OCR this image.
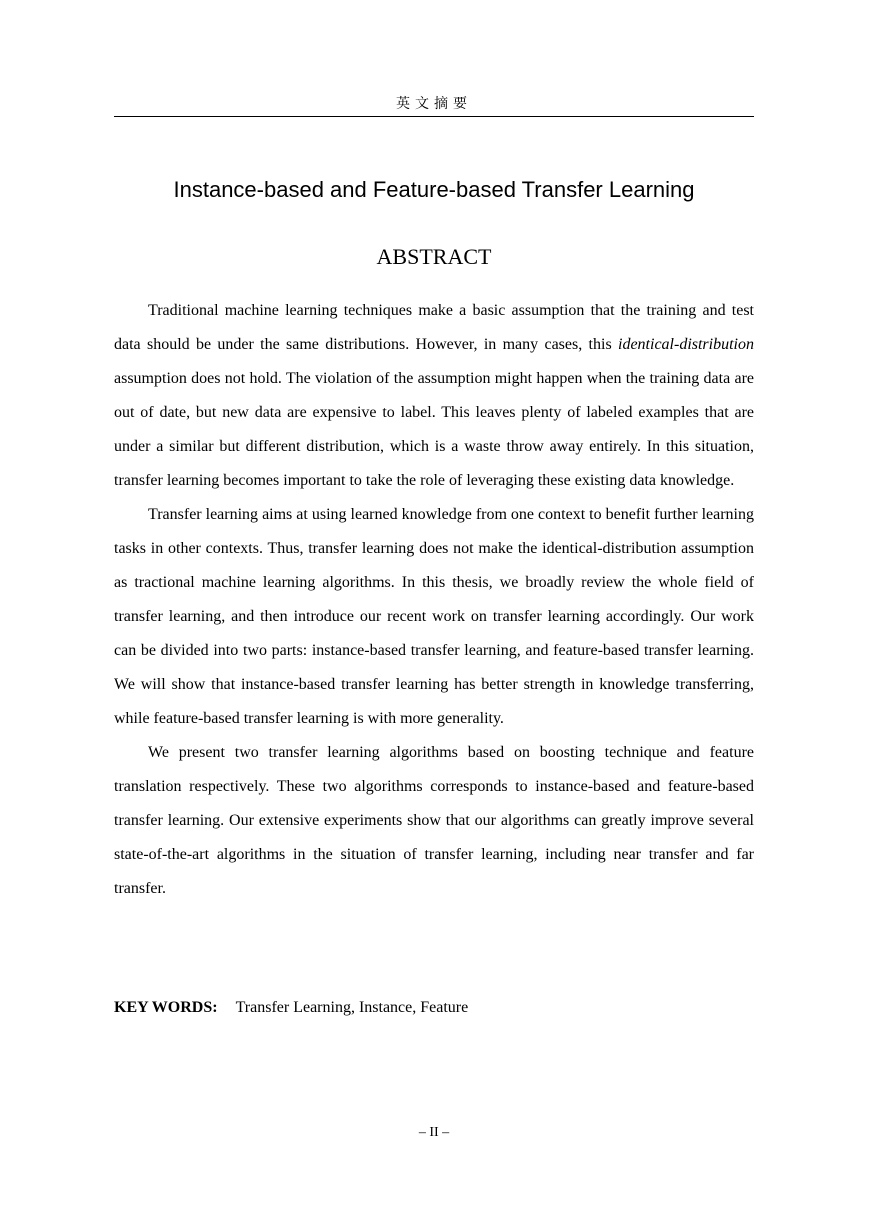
英文摘要
Instance-based and Feature-based Transfer Learning
ABSTRACT

Traditional machine learning techniques make a basic assumption that the training and test data should be under the same distributions. However, in many cases, this identical-distribution assumption does not hold. The violation of the assumption might happen when the training data are out of date, but new data are expensive to label. This leaves plenty of labeled examples that are under a similar but different distribution, which is a waste throw away entirely. In this situation, transfer learning becomes important to take the role of leveraging these existing data knowledge.

Transfer learning aims at using learned knowledge from one context to benefit further learning tasks in other contexts. Thus, transfer learning does not make the identical-distribution assumption as tractional machine learning algorithms. In this thesis, we broadly review the whole field of transfer learning, and then introduce our recent work on transfer learning accordingly. Our work can be divided into two parts: instance-based transfer learning, and feature-based transfer learning. We will show that instance-based transfer learning has better strength in knowledge transferring, while feature-based transfer learning is with more generality.

We present two transfer learning algorithms based on boosting technique and feature translation respectively. These two algorithms corresponds to instance-based and feature-based transfer learning. Our extensive experiments show that our algorithms can greatly improve several state-of-the-art algorithms in the situation of transfer learning, including near transfer and far transfer.

KEY WORDS: Transfer Learning, Instance, Feature
– II –
